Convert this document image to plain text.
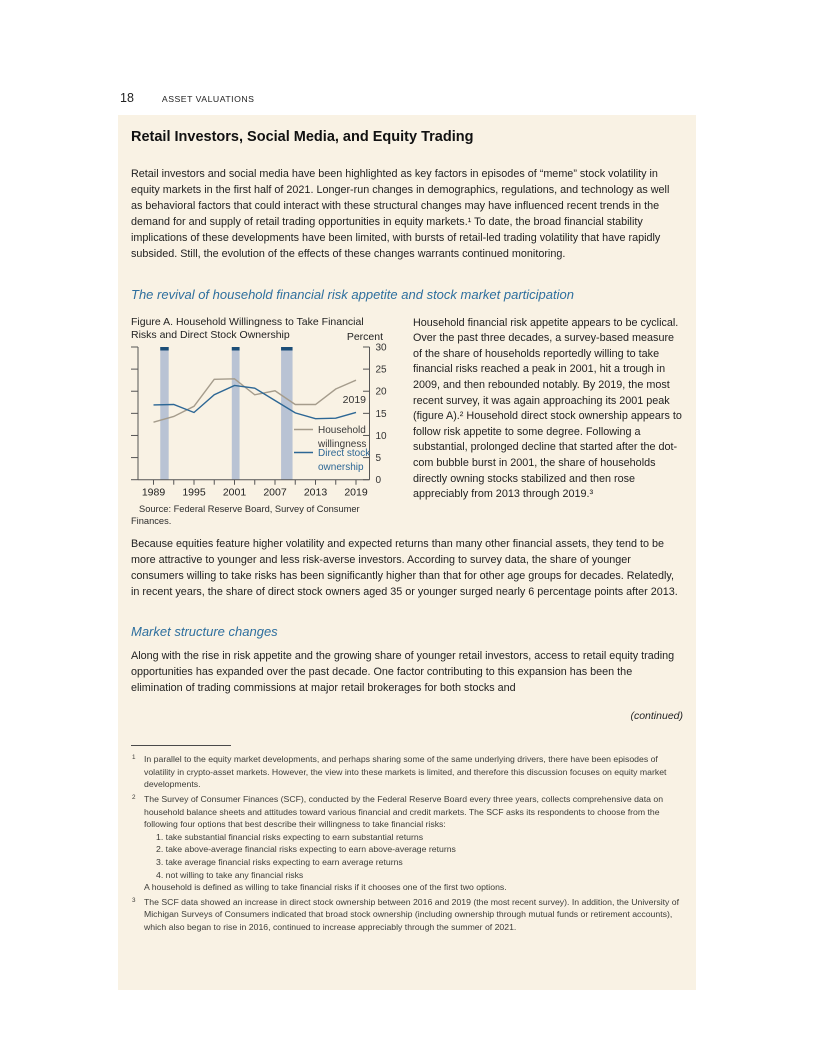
18	ASSET VALUATIONS
Retail Investors, Social Media, and Equity Trading

Retail investors and social media have been highlighted as key factors in episodes of “meme” stock volatility in equity markets in the first half of 2021. Longer-run changes in demographics, regulations, and technology as well as behavioral factors that could interact with these structural changes may have influenced recent trends in the demand for and supply of retail trading opportunities in equity markets.¹ To date, the broad financial stability implications of these developments have been limited, with bursts of retail-led trading volatility that have rapidly subsided. Still, the evolution of the effects of these changes warrants continued monitoring.

The revival of household financial risk appetite and stock market participation
Figure A. Household Willingness to Take Financial Risks and Direct Stock Ownership
0
5
10
15
20
25
30
1989 1995 2001 2007 2013 2019
Percent
Household
willingness
Direct stock
ownership
2019
Source: Federal Reserve Board, Survey of Consumer Finances.

Household financial risk appetite appears to be cyclical. Over the past three decades, a survey-based measure of the share of households reportedly willing to take financial risks reached a peak in 2001, hit a trough in 2009, and then rebounded notably. By 2019, the most recent survey, it was again approaching its 2001 peak (figure A).² Household direct stock ownership appears to follow risk appetite to some degree. Following a substantial, prolonged decline that started after the dot-com bubble burst in 2001, the share of households directly owning stocks stabilized and then rose appreciably from 2013 through 2019.³

Because equities feature higher volatility and expected returns than many other financial assets, they tend to be more attractive to younger and less risk-averse investors. According to survey data, the share of younger consumers willing to take risks has been significantly higher than that for other age groups for decades. Relatedly, in recent years, the share of direct stock owners aged 35 or younger surged nearly 6 percentage points after 2013.

Market structure changes

Along with the rise in risk appetite and the growing share of younger retail investors, access to retail equity trading opportunities has expanded over the past decade. One factor contributing to this expansion has been the elimination of trading commissions at major retail brokerages for both stocks and

(continued)
1 In parallel to the equity market developments, and perhaps sharing some of the same underlying drivers, there have been episodes of volatility in crypto-asset markets. However, the view into these markets is limited, and therefore this discussion focuses on equity market developments.
2 The Survey of Consumer Finances (SCF), conducted by the Federal Reserve Board every three years, collects comprehensive data on household balance sheets and attitudes toward various financial and credit markets. The SCF asks its respondents to choose from the following four options that best describe their willingness to take financial risks:
1. take substantial financial risks expecting to earn substantial returns
2. take above-average financial risks expecting to earn above-average returns
3. take average financial risks expecting to earn average returns
4. not willing to take any financial risks
A household is defined as willing to take financial risks if it chooses one of the first two options.
3 The SCF data showed an increase in direct stock ownership between 2016 and 2019 (the most recent survey). In addition, the University of Michigan Surveys of Consumers indicated that broad stock ownership (including ownership through mutual funds or retirement accounts), which also began to rise in 2016, continued to increase appreciably through the summer of 2021.
